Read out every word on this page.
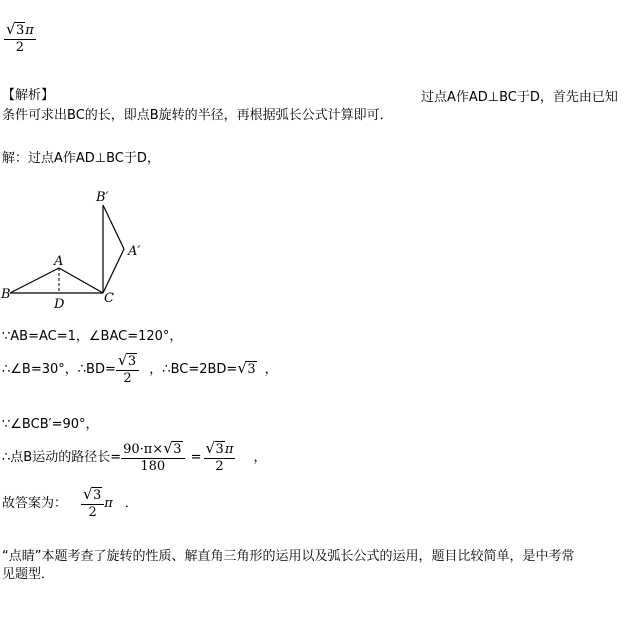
$\frac{√ 3\pi}{2}$
【解析】	过点A作AD⊥BC于D，首先由已知
条件可求出BC的长，即点B旋转的半径，再根据弧长公式计算即可．
解：过点A作AD⊥BC于D，
B′
A′
A
B
D	C
∵AB=AC=1，∠BAC=120°，
∴∠B=30°，∴BD= $\frac{√ 3}{2}$ ，∴BC=2BD= √ 3 ，
∵∠BCB′=90°，
∴点B运动的路径长= $\frac{90\cdot\pi\times √ 3}{180} = \frac{√ 3\pi}{2}$ ，
故答案为： $\frac{√ 3}{2}$ π ．
“点睛”本题考查了旋转的性质、解直角三角形的运用以及弧长公式的运用，题目比较简单，是中考常
见题型．
